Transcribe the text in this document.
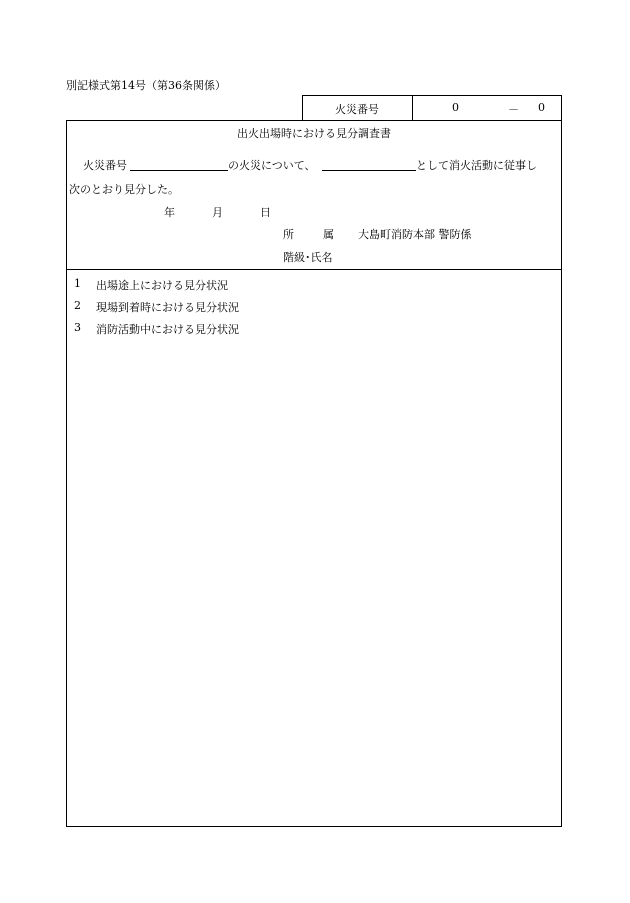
別記様式第14号（第36条関係）
火災番号	0	－ 0
出火出場時における見分調査書
火災番号	の火災について、	として消火活動に従事し
次のとおり見分した。
年	月	日
所	属 大島町消防本部 警防係
階級･氏名
1 出場途上における見分状況
2 現場到着時における見分状況
3 消防活動中における見分状況
